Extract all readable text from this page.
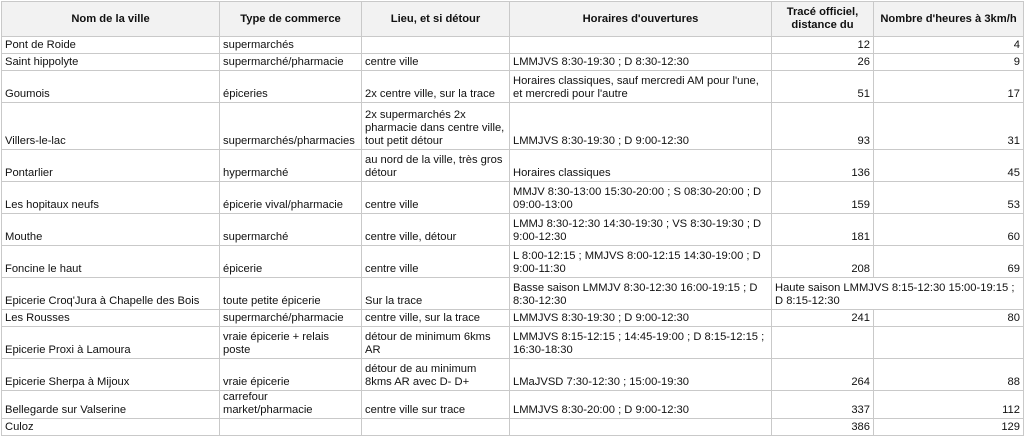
Nom de la ville	Type de commerce	Lieu, et si détour	Horaires d'ouvertures	Tracé officiel, distance du	Nombre d'heures à 3km/h
Pont de Roide	supermarchés			12	4
Saint hippolyte	supermarché/pharmacie	centre ville	LMMJVS 8:30-19:30 ; D 8:30-12:30	26	9
Goumois	épiceries	2x centre ville, sur la trace	Horaires classiques, sauf mercredi AM pour l'une, et mercredi pour l'autre	51	17
Villers-le-lac	supermarchés/pharmacies	2x supermarchés 2x pharmacie dans centre ville, tout petit détour	LMMJVS 8:30-19:30 ; D 9:00-12:30	93	31
Pontarlier	hypermarché	au nord de la ville, très gros détour	Horaires classiques	136	45
Les hopitaux neufs	épicerie vival/pharmacie	centre ville	MMJV 8:30-13:00 15:30-20:00 ; S 08:30-20:00 ; D 09:00-13:00	159	53
Mouthe	supermarché	centre ville, détour	LMMJ 8:30-12:30 14:30-19:30 ; VS 8:30-19:30 ; D 9:00-12:30	181	60
Foncine le haut	épicerie	centre ville	L 8:00-12:15 ; MMJVS 8:00-12:15 14:30-19:00 ; D 9:00-11:30	208	69
Epicerie Croq'Jura à Chapelle des Bois	toute petite épicerie	Sur la trace	Basse saison LMMJV 8:30-12:30 16:00-19:15 ; D 8:30-12:30	Haute saison LMMJVS 8:15-12:30 15:00-19:15 ; D 8:15-12:30	
Les Rousses	supermarché/pharmacie	centre ville, sur la trace	LMMJVS 8:30-19:30 ; D 9:00-12:30	241	80
Epicerie Proxi à Lamoura	vraie épicerie + relais poste	détour de minimum 6kms AR	LMMJVS 8:15-12:15 ; 14:45-19:00 ; D 8:15-12:15 ; 16:30-18:30		
Epicerie Sherpa à Mijoux	vraie épicerie	détour de au minimum 8kms AR avec D- D+	LMaJVSD 7:30-12:30 ; 15:00-19:30	264	88
Bellegarde sur Valserine	carrefour market/pharmacie	centre ville sur trace	LMMJVS 8:30-20:00 ; D 9:00-12:30	337	112
Culoz				386	129
